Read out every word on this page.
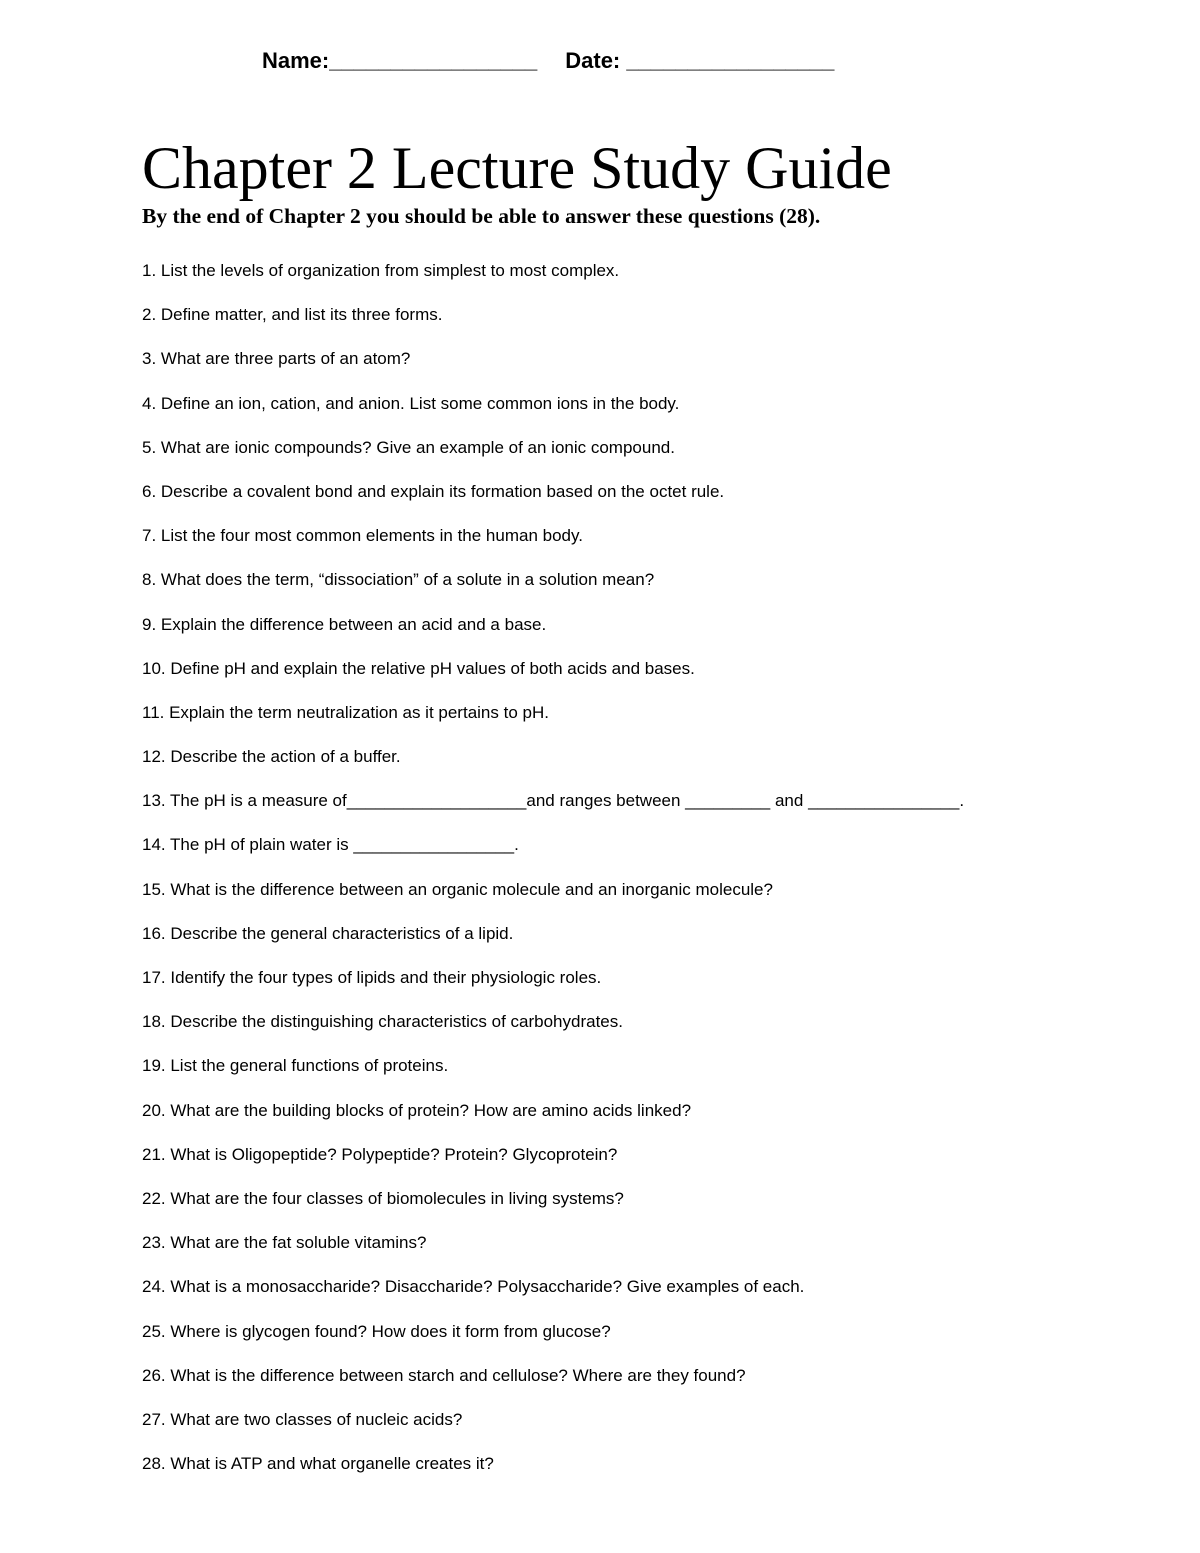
Name:_________________ Date: _________________
Chapter 2 Lecture Study Guide
By the end of Chapter 2 you should be able to answer these questions (28).
1. List the levels of organization from simplest to most complex.
2. Define matter, and list its three forms.
3. What are three parts of an atom?
4. Define an ion, cation, and anion. List some common ions in the body.
5. What are ionic compounds? Give an example of an ionic compound.
6. Describe a covalent bond and explain its formation based on the octet rule.
7. List the four most common elements in the human body.
8. What does the term, “dissociation” of a solute in a solution mean?
9. Explain the difference between an acid and a base.
10. Define pH and explain the relative pH values of both acids and bases.
11. Explain the term neutralization as it pertains to pH.
12. Describe the action of a buffer.
13. The pH is a measure of___________________and ranges between _________ and ________________.
14. The pH of plain water is _________________.
15. What is the difference between an organic molecule and an inorganic molecule?
16. Describe the general characteristics of a lipid.
17. Identify the four types of lipids and their physiologic roles.
18. Describe the distinguishing characteristics of carbohydrates.
19. List the general functions of proteins.
20. What are the building blocks of protein? How are amino acids linked?
21. What is Oligopeptide? Polypeptide? Protein? Glycoprotein?
22. What are the four classes of biomolecules in living systems?
23. What are the fat soluble vitamins?
24. What is a monosaccharide? Disaccharide? Polysaccharide? Give examples of each.
25. Where is glycogen found? How does it form from glucose?
26. What is the difference between starch and cellulose? Where are they found?
27. What are two classes of nucleic acids?
28. What is ATP and what organelle creates it?
